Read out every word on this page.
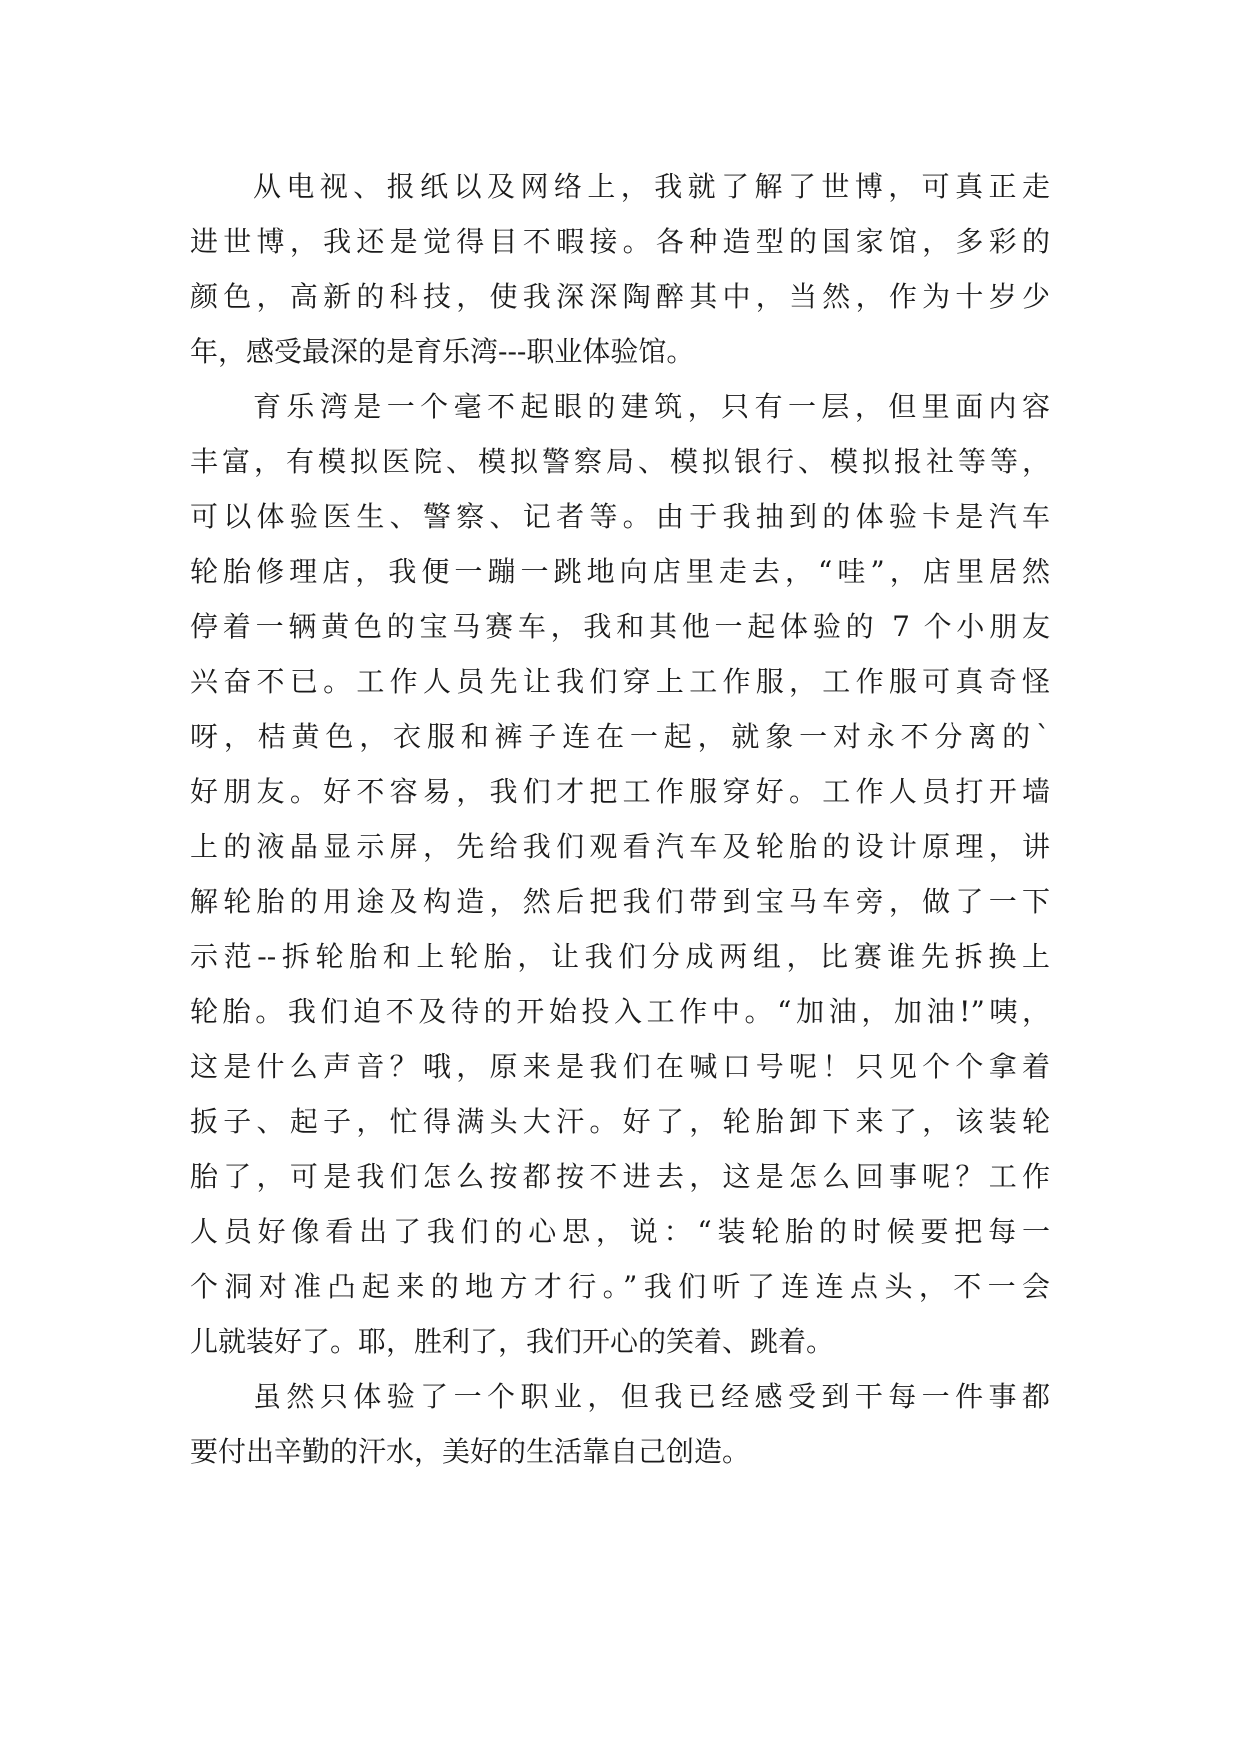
从电视、报纸以及网络上，我就了解了世博，可真正走
进世博，我还是觉得目不暇接。各种造型的国家馆，多彩的
颜色，高新的科技，使我深深陶醉其中，当然，作为十岁少
年，感受最深的是育乐湾---职业体验馆。
育乐湾是一个毫不起眼的建筑，只有一层，但里面内容
丰富，有模拟医院、模拟警察局、模拟银行、模拟报社等等，
可以体验医生、警察、记者等。由于我抽到的体验卡是汽车
轮胎修理店，我便一蹦一跳地向店里走去，“哇”，店里居然
停着一辆黄色的宝马赛车，我和其他一起体验的 7 个小朋友
兴奋不已。工作人员先让我们穿上工作服，工作服可真奇怪
呀，桔黄色，衣服和裤子连在一起，就象一对永不分离的`
好朋友。好不容易，我们才把工作服穿好。工作人员打开墙
上的液晶显示屏，先给我们观看汽车及轮胎的设计原理，讲
解轮胎的用途及构造，然后把我们带到宝马车旁，做了一下
示范--拆轮胎和上轮胎，让我们分成两组，比赛谁先拆换上
轮胎。我们迫不及待的开始投入工作中。“加油，加油!”咦，
这是什么声音？哦，原来是我们在喊口号呢！只见个个拿着
扳子、起子，忙得满头大汗。好了，轮胎卸下来了，该装轮
胎了，可是我们怎么按都按不进去，这是怎么回事呢？工作
人员好像看出了我们的心思，说：“装轮胎的时候要把每一
个洞对准凸起来的地方才行。”我们听了连连点头，不一会
儿就装好了。耶，胜利了，我们开心的笑着、跳着。
虽然只体验了一个职业，但我已经感受到干每一件事都
要付出辛勤的汗水，美好的生活靠自己创造。
